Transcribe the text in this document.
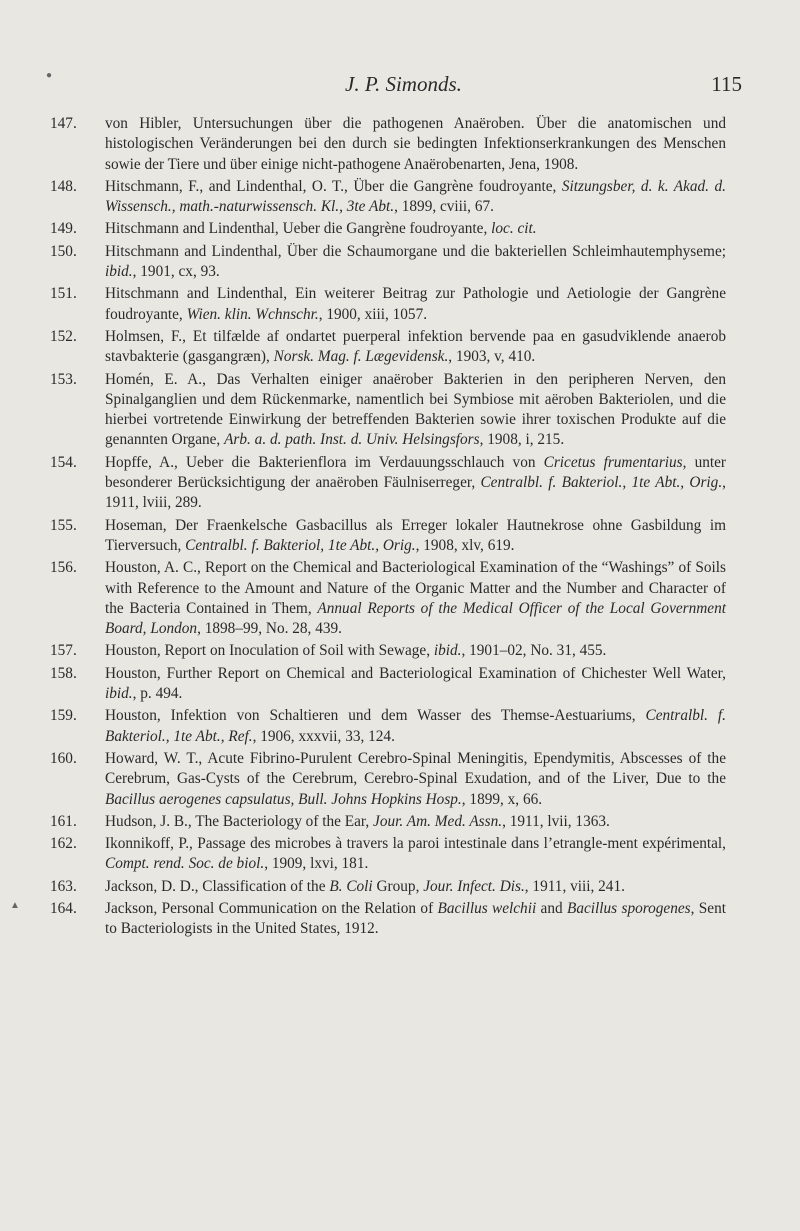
J. P. Simonds.	115
●
▲
147. von Hibler, Untersuchungen über die pathogenen Anaëroben. Über die anatomischen und histologischen Veränderungen bei den durch sie bedingten Infektionserkrankungen des Menschen sowie der Tiere und über einige nicht-pathogene Anaërobenarten, Jena, 1908.
148. Hitschmann, F., and Lindenthal, O. T., Über die Gangrène foudroyante, Sitzungsber, d. k. Akad. d. Wissensch., math.-naturwissensch. Kl., 3te Abt., 1899, cviii, 67.
149. Hitschmann and Lindenthal, Ueber die Gangrène foudroyante, loc. cit.
150. Hitschmann and Lindenthal, Über die Schaumorgane und die bakteriellen Schleimhautemphyseme; ibid., 1901, cx, 93.
151. Hitschmann and Lindenthal, Ein weiterer Beitrag zur Pathologie und Aetiologie der Gangrène foudroyante, Wien. klin. Wchnschr., 1900, xiii, 1057.
152. Holmsen, F., Et tilfælde af ondartet puerperal infektion bervende paa en gasudviklende anaerob stavbakterie (gasgangræn), Norsk. Mag. f. Lægevidensk., 1903, v, 410.
153. Homén, E. A., Das Verhalten einiger anaërober Bakterien in den peripheren Nerven, den Spinalganglien und dem Rückenmarke, namentlich bei Symbiose mit aëroben Bakteriolen, und die hierbei vortretende Einwirkung der betreffenden Bakterien sowie ihrer toxischen Produkte auf die genannten Organe, Arb. a. d. path. Inst. d. Univ. Helsingsfors, 1908, i, 215.
154. Hopffe, A., Ueber die Bakterienflora im Verdauungsschlauch von Cricetus frumentarius, unter besonderer Berücksichtigung der anaëroben Fäulniserreger, Centralbl. f. Bakteriol., 1te Abt., Orig., 1911, lviii, 289.
155. Hoseman, Der Fraenkelsche Gasbacillus als Erreger lokaler Hautnekrose ohne Gasbildung im Tierversuch, Centralbl. f. Bakteriol, 1te Abt., Orig., 1908, xlv, 619.
156. Houston, A. C., Report on the Chemical and Bacteriological Examination of the “Washings” of Soils with Reference to the Amount and Nature of the Organic Matter and the Number and Character of the Bacteria Contained in Them, Annual Reports of the Medical Officer of the Local Government Board, London, 1898–99, No. 28, 439.
157. Houston, Report on Inoculation of Soil with Sewage, ibid., 1901–02, No. 31, 455.
158. Houston, Further Report on Chemical and Bacteriological Examination of Chichester Well Water, ibid., p. 494.
159. Houston, Infektion von Schaltieren und dem Wasser des Themse-Aestuariums, Centralbl. f. Bakteriol., 1te Abt., Ref., 1906, xxxvii, 33, 124.
160. Howard, W. T., Acute Fibrino-Purulent Cerebro-Spinal Meningitis, Ependymitis, Abscesses of the Cerebrum, Gas-Cysts of the Cerebrum, Cerebro-Spinal Exudation, and of the Liver, Due to the Bacillus aerogenes capsulatus, Bull. Johns Hopkins Hosp., 1899, x, 66.
161. Hudson, J. B., The Bacteriology of the Ear, Jour. Am. Med. Assn., 1911, lvii, 1363.
162. Ikonnikoff, P., Passage des microbes à travers la paroi intestinale dans l’etrangle-ment expérimental, Compt. rend. Soc. de biol., 1909, lxvi, 181.
163. Jackson, D. D., Classification of the B. Coli Group, Jour. Infect. Dis., 1911, viii, 241.
164. Jackson, Personal Communication on the Relation of Bacillus welchii and Bacillus sporogenes, Sent to Bacteriologists in the United States, 1912.
